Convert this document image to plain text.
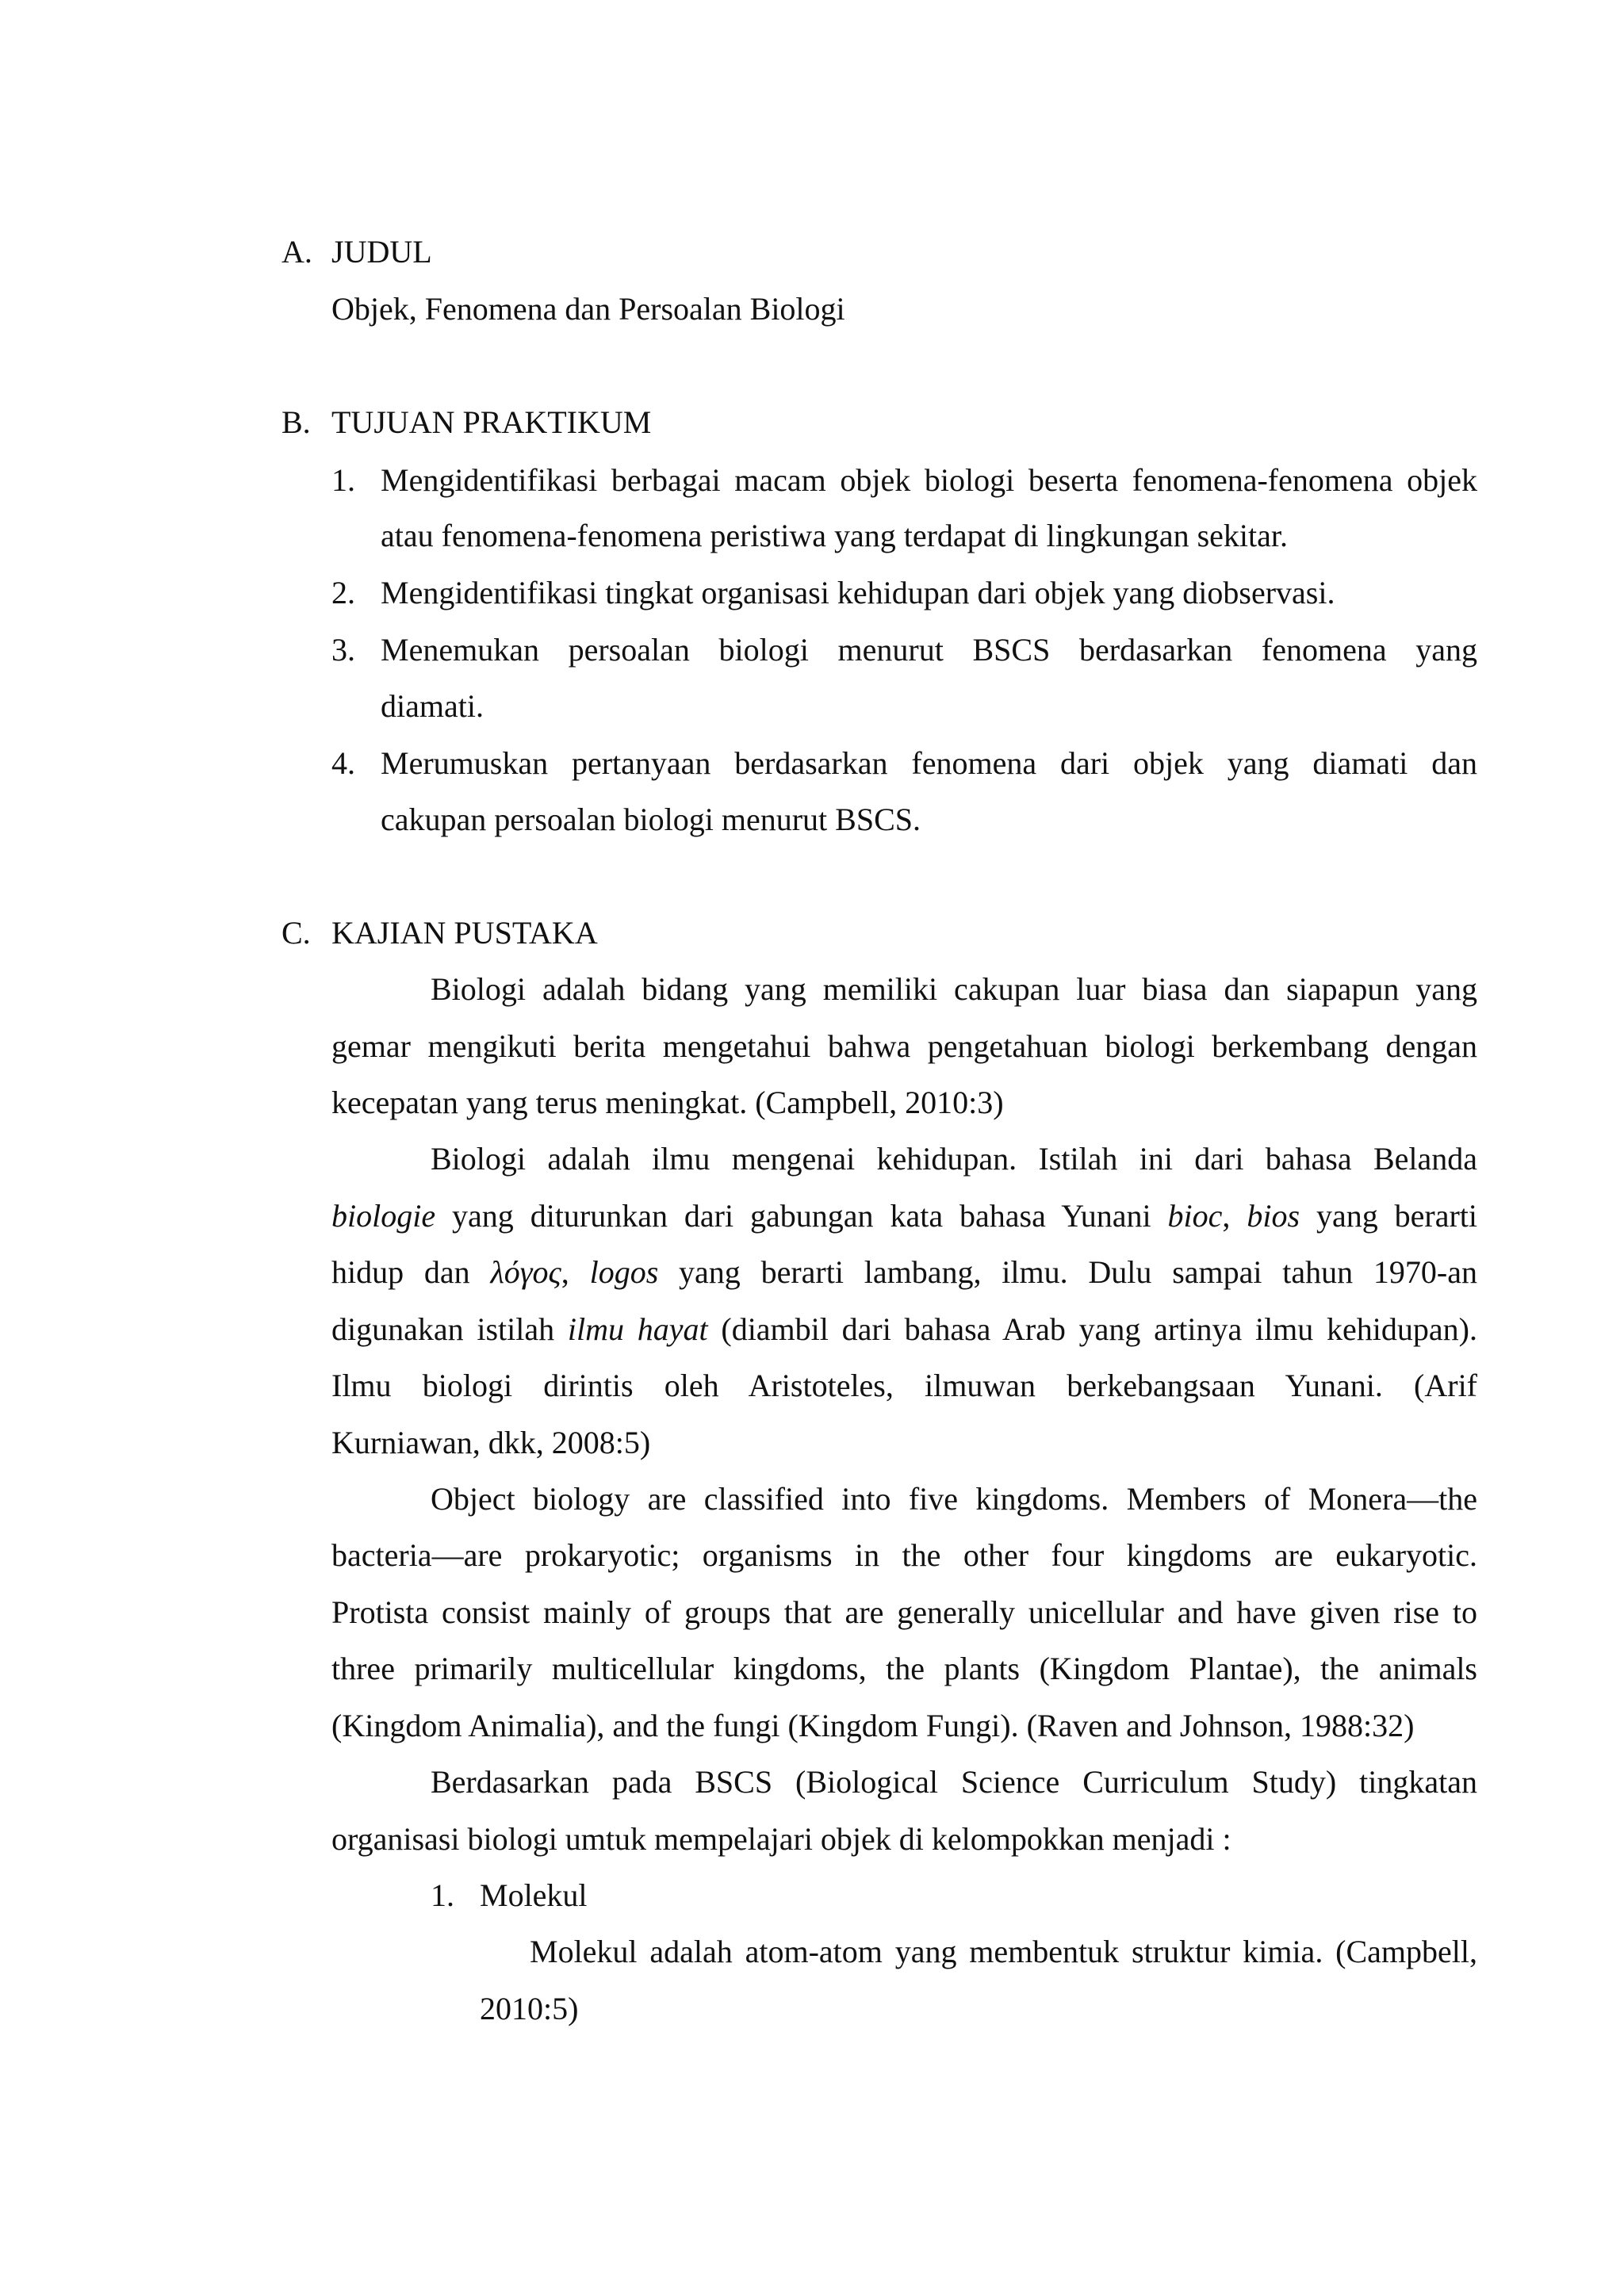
A. JUDUL
Objek, Fenomena dan Persoalan Biologi
B. TUJUAN PRAKTIKUM
1. Mengidentifikasi berbagai macam objek biologi beserta fenomena-fenomena objek
atau fenomena-fenomena peristiwa yang terdapat di lingkungan sekitar.
2. Mengidentifikasi tingkat organisasi kehidupan dari objek yang diobservasi.
3. Menemukan persoalan biologi menurut BSCS berdasarkan fenomena yang
diamati.
4. Merumuskan pertanyaan berdasarkan fenomena dari objek yang diamati dan
cakupan persoalan biologi menurut BSCS.
C. KAJIAN PUSTAKA
Biologi adalah bidang yang memiliki cakupan luar biasa dan siapapun yang
gemar mengikuti berita mengetahui bahwa pengetahuan biologi berkembang dengan
kecepatan yang terus meningkat. (Campbell, 2010:3)
Biologi adalah ilmu mengenai kehidupan. Istilah ini dari bahasa Belanda
biologie yang diturunkan dari gabungan kata bahasa Yunani bioc, bios yang berarti
hidup dan λόγος, logos yang berarti lambang, ilmu. Dulu sampai tahun 1970-an
digunakan istilah ilmu hayat (diambil dari bahasa Arab yang artinya ilmu kehidupan).
Ilmu biologi dirintis oleh Aristoteles, ilmuwan berkebangsaan Yunani. (Arif
Kurniawan, dkk, 2008:5)
Object biology are classified into five kingdoms. Members of Monera—the
bacteria—are prokaryotic; organisms in the other four kingdoms are eukaryotic.
Protista consist mainly of groups that are generally unicellular and have given rise to
three primarily multicellular kingdoms, the plants (Kingdom Plantae), the animals
(Kingdom Animalia), and the fungi (Kingdom Fungi). (Raven and Johnson, 1988:32)
Berdasarkan pada BSCS (Biological Science Curriculum Study) tingkatan
organisasi biologi umtuk mempelajari objek di kelompokkan menjadi :
1. Molekul
Molekul adalah atom-atom yang membentuk struktur kimia. (Campbell,
2010:5)
